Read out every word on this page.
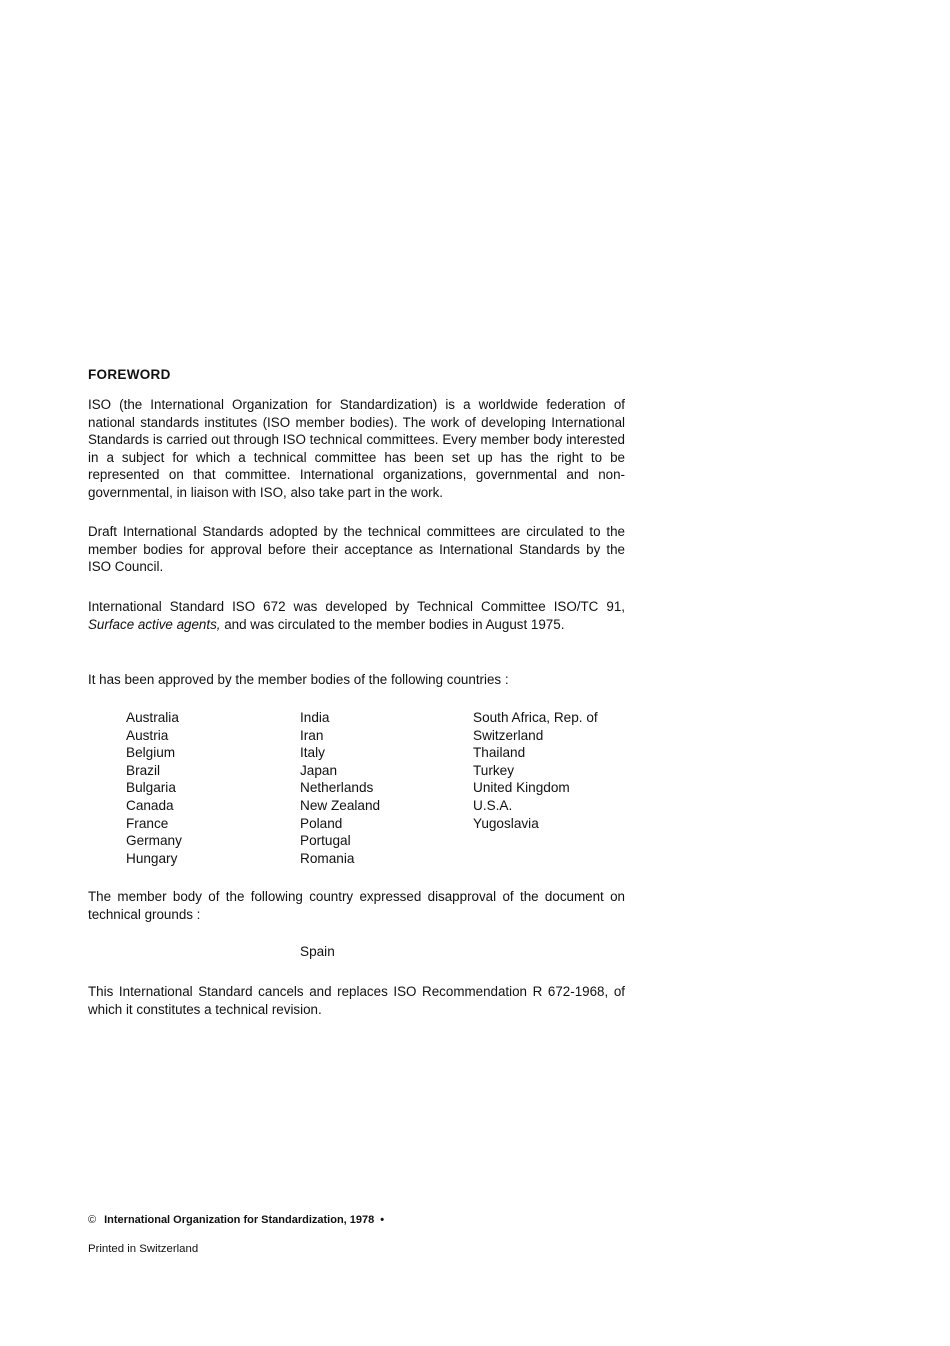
FOREWORD
ISO (the International Organization for Standardization) is a worldwide federation of national standards institutes (ISO member bodies). The work of developing International Standards is carried out through ISO technical committees. Every member body interested in a subject for which a technical committee has been set up has the right to be represented on that committee. International organizations, governmental and non-governmental, in liaison with ISO, also take part in the work.
Draft International Standards adopted by the technical committees are circulated to the member bodies for approval before their acceptance as International Standards by the ISO Council.
International Standard ISO 672 was developed by Technical Committee ISO/TC 91, Surface active agents, and was circulated to the member bodies in August 1975.
It has been approved by the member bodies of the following countries :
Australia
Austria
Belgium
Brazil
Bulgaria
Canada
France
Germany
Hungary
India
Iran
Italy
Japan
Netherlands
New Zealand
Poland
Portugal
Romania
South Africa, Rep. of
Switzerland
Thailand
Turkey
United Kingdom
U.S.A.
Yugoslavia
The member body of the following country expressed disapproval of the document on technical grounds :
Spain
This International Standard cancels and replaces ISO Recommendation R 672-1968, of which it constitutes a technical revision.
© International Organization for Standardization, 1978 •
Printed in Switzerland
